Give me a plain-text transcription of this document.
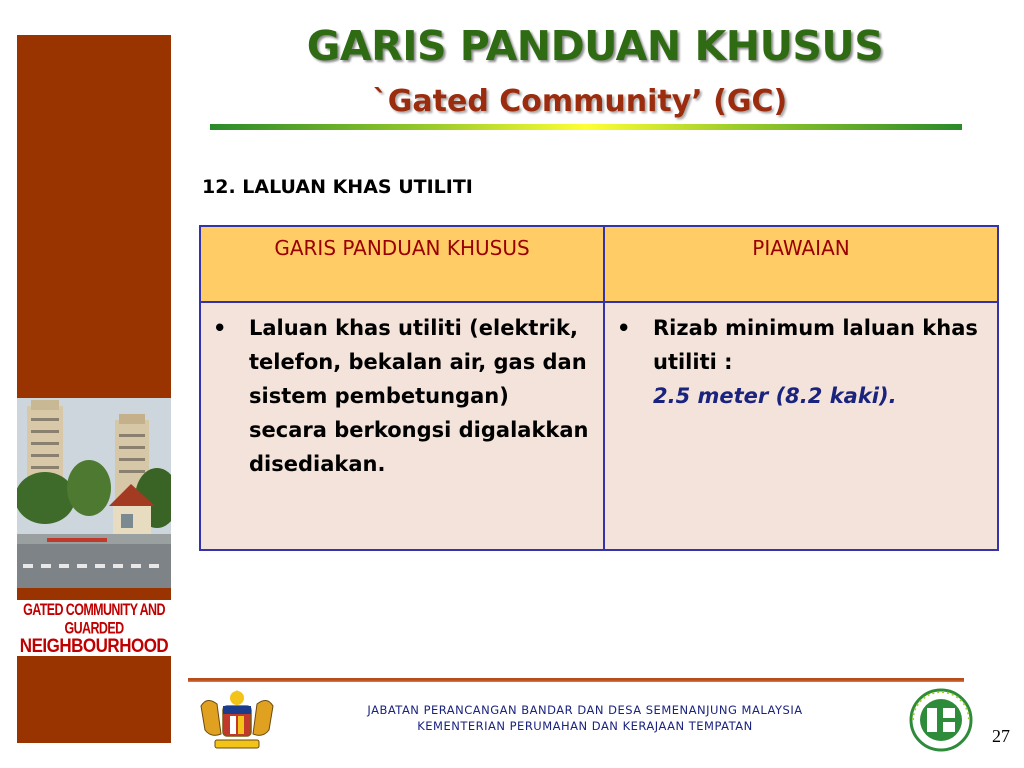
GATED COMMUNITY AND GUARDED
NEIGHBOURHOOD
GARIS PANDUAN KHUSUS
`Gated Community’ (GC)
12. LALUAN KHAS UTILITI
GARIS PANDUAN KHUSUS	PIAWAIAN

• Laluan khas utiliti (elektrik, telefon, bekalan air, gas dan sistem pembetungan) secara berkongsi digalakkan disediakan.	• Rizab minimum laluan khas utiliti :
2.5 meter (8.2 kaki).
JABATAN PERANCANGAN BANDAR DAN DESA SEMENANJUNG MALAYSIA
KEMENTERIAN PERUMAHAN DAN KERAJAAN TEMPATAN	27
